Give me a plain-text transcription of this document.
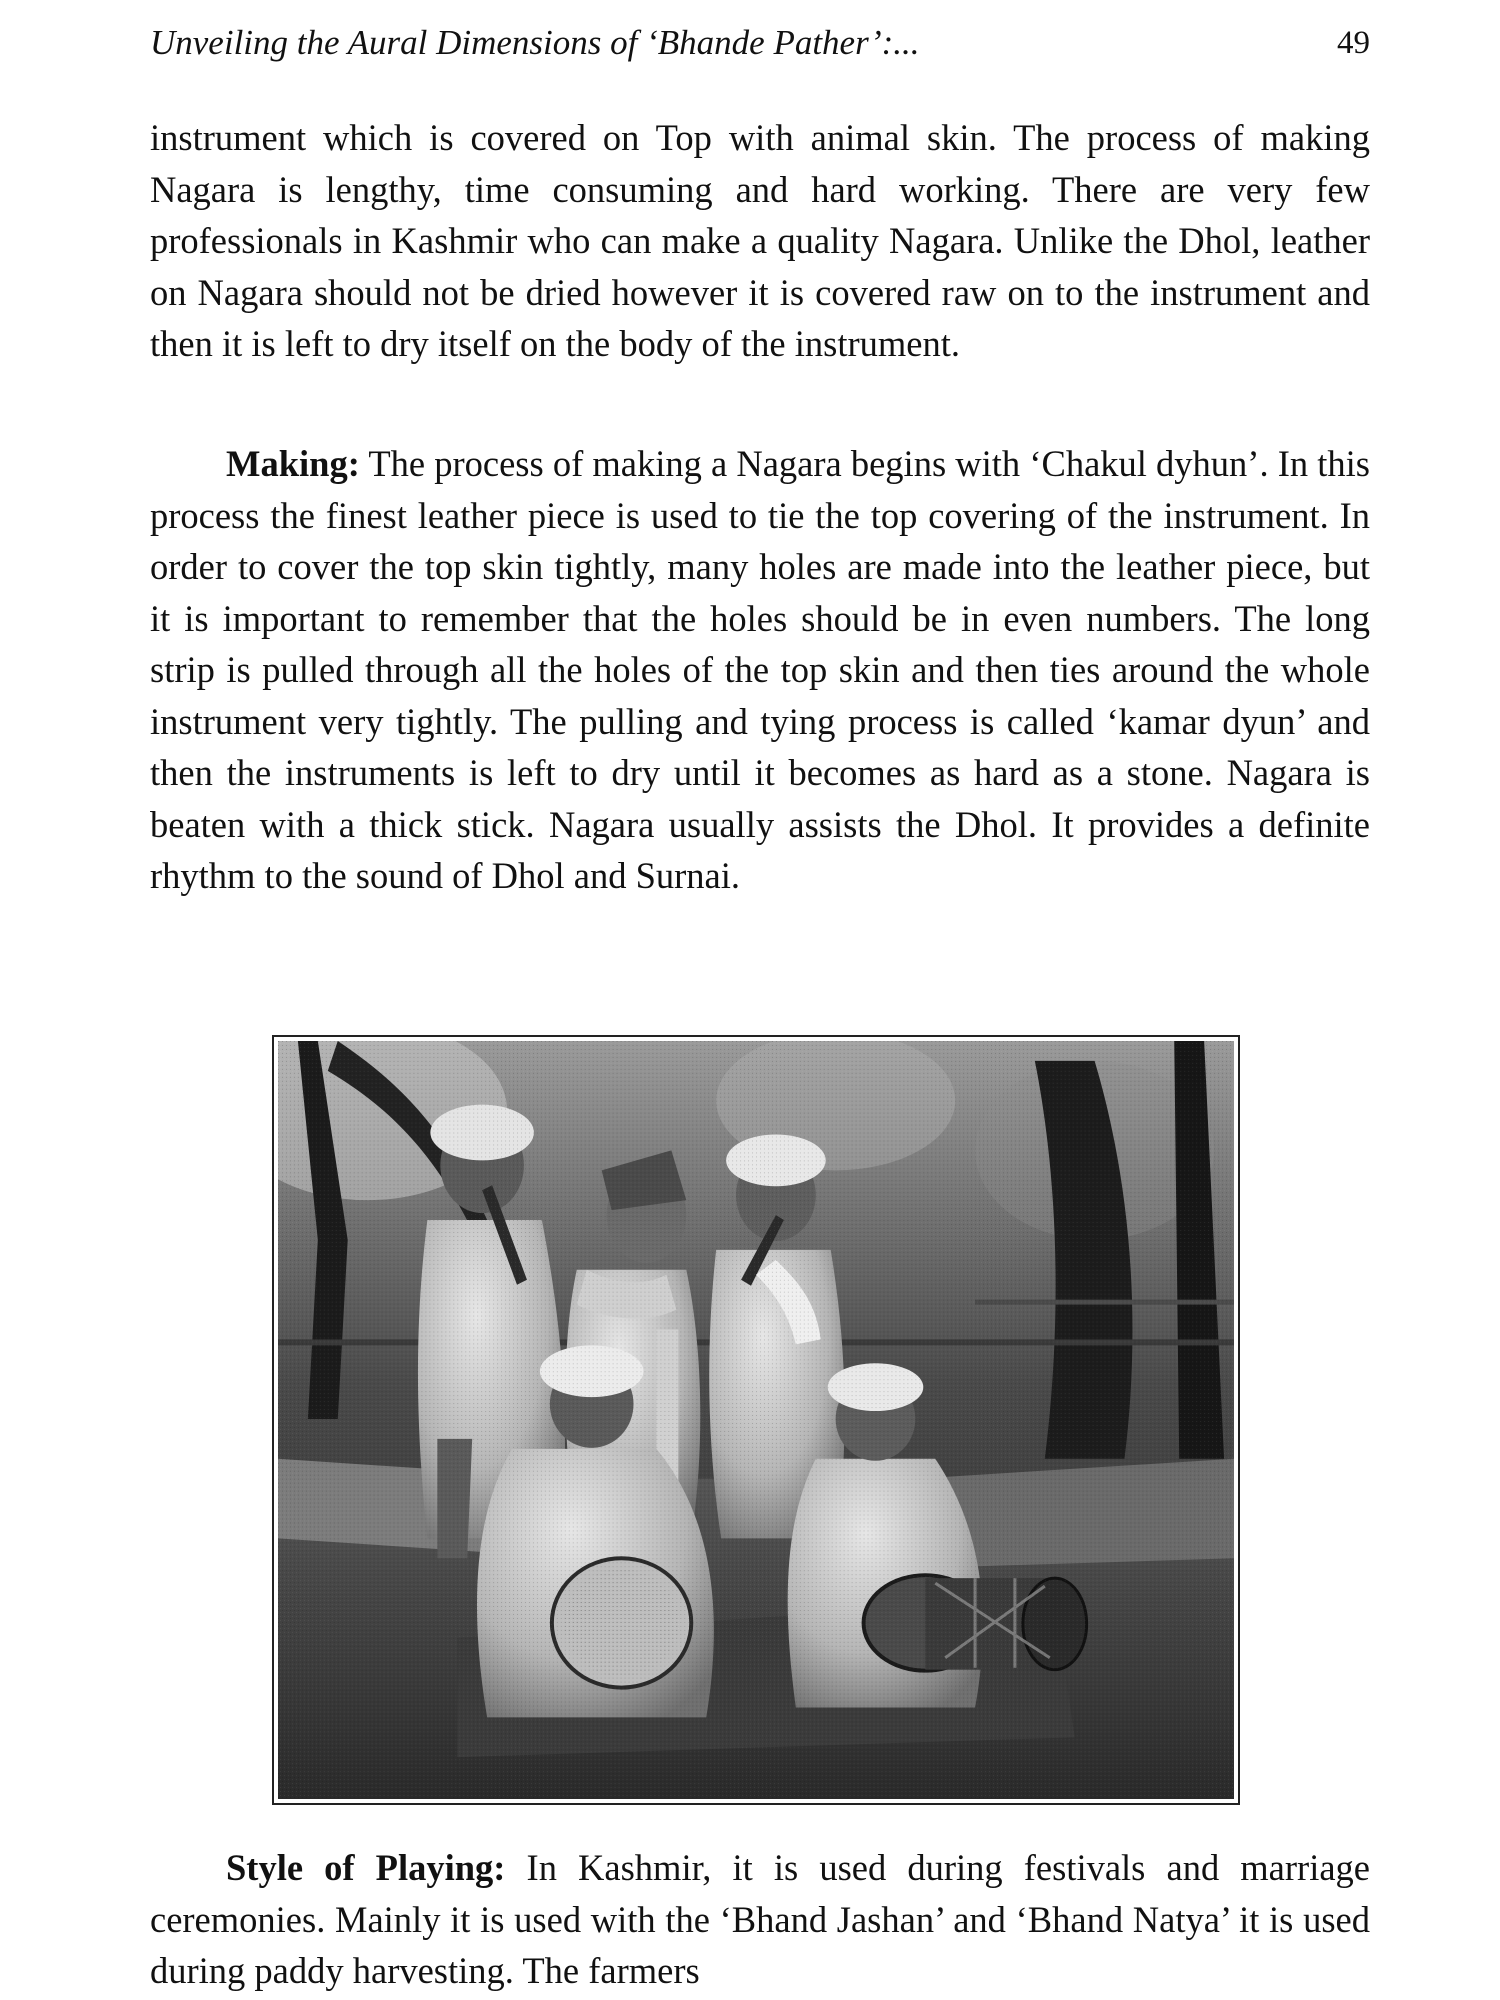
Unveiling the Aural Dimensions of ‘Bhande Pather’:...	49

instrument which is covered on Top with animal skin. The process of making Nagara is lengthy, time consuming and hard working. There are very few professionals in Kashmir who can make a quality Nagara. Unlike the Dhol, leather on Nagara should not be dried however it is covered raw on to the instrument and then it is left to dry itself on the body of the instrument.

Making: The process of making a Nagara begins with ‘Chakul dyhun’. In this process the finest leather piece is used to tie the top covering of the instrument. In order to cover the top skin tightly, many holes are made into the leather piece, but it is important to remember that the holes should be in even numbers. The long strip is pulled through all the holes of the top skin and then ties around the whole instrument very tightly. The pulling and tying process is called ‘kamar dyun’ and then the instruments is left to dry until it becomes as hard as a stone. Nagara is beaten with a thick stick. Nagara usually assists the Dhol. It provides a definite rhythm to the sound of Dhol and Surnai.

Style of Playing: In Kashmir, it is used during festivals and marriage ceremonies. Mainly it is used with the ‘Bhand Jashan’ and ‘Bhand Natya’ it is used during paddy harvesting. The farmers
